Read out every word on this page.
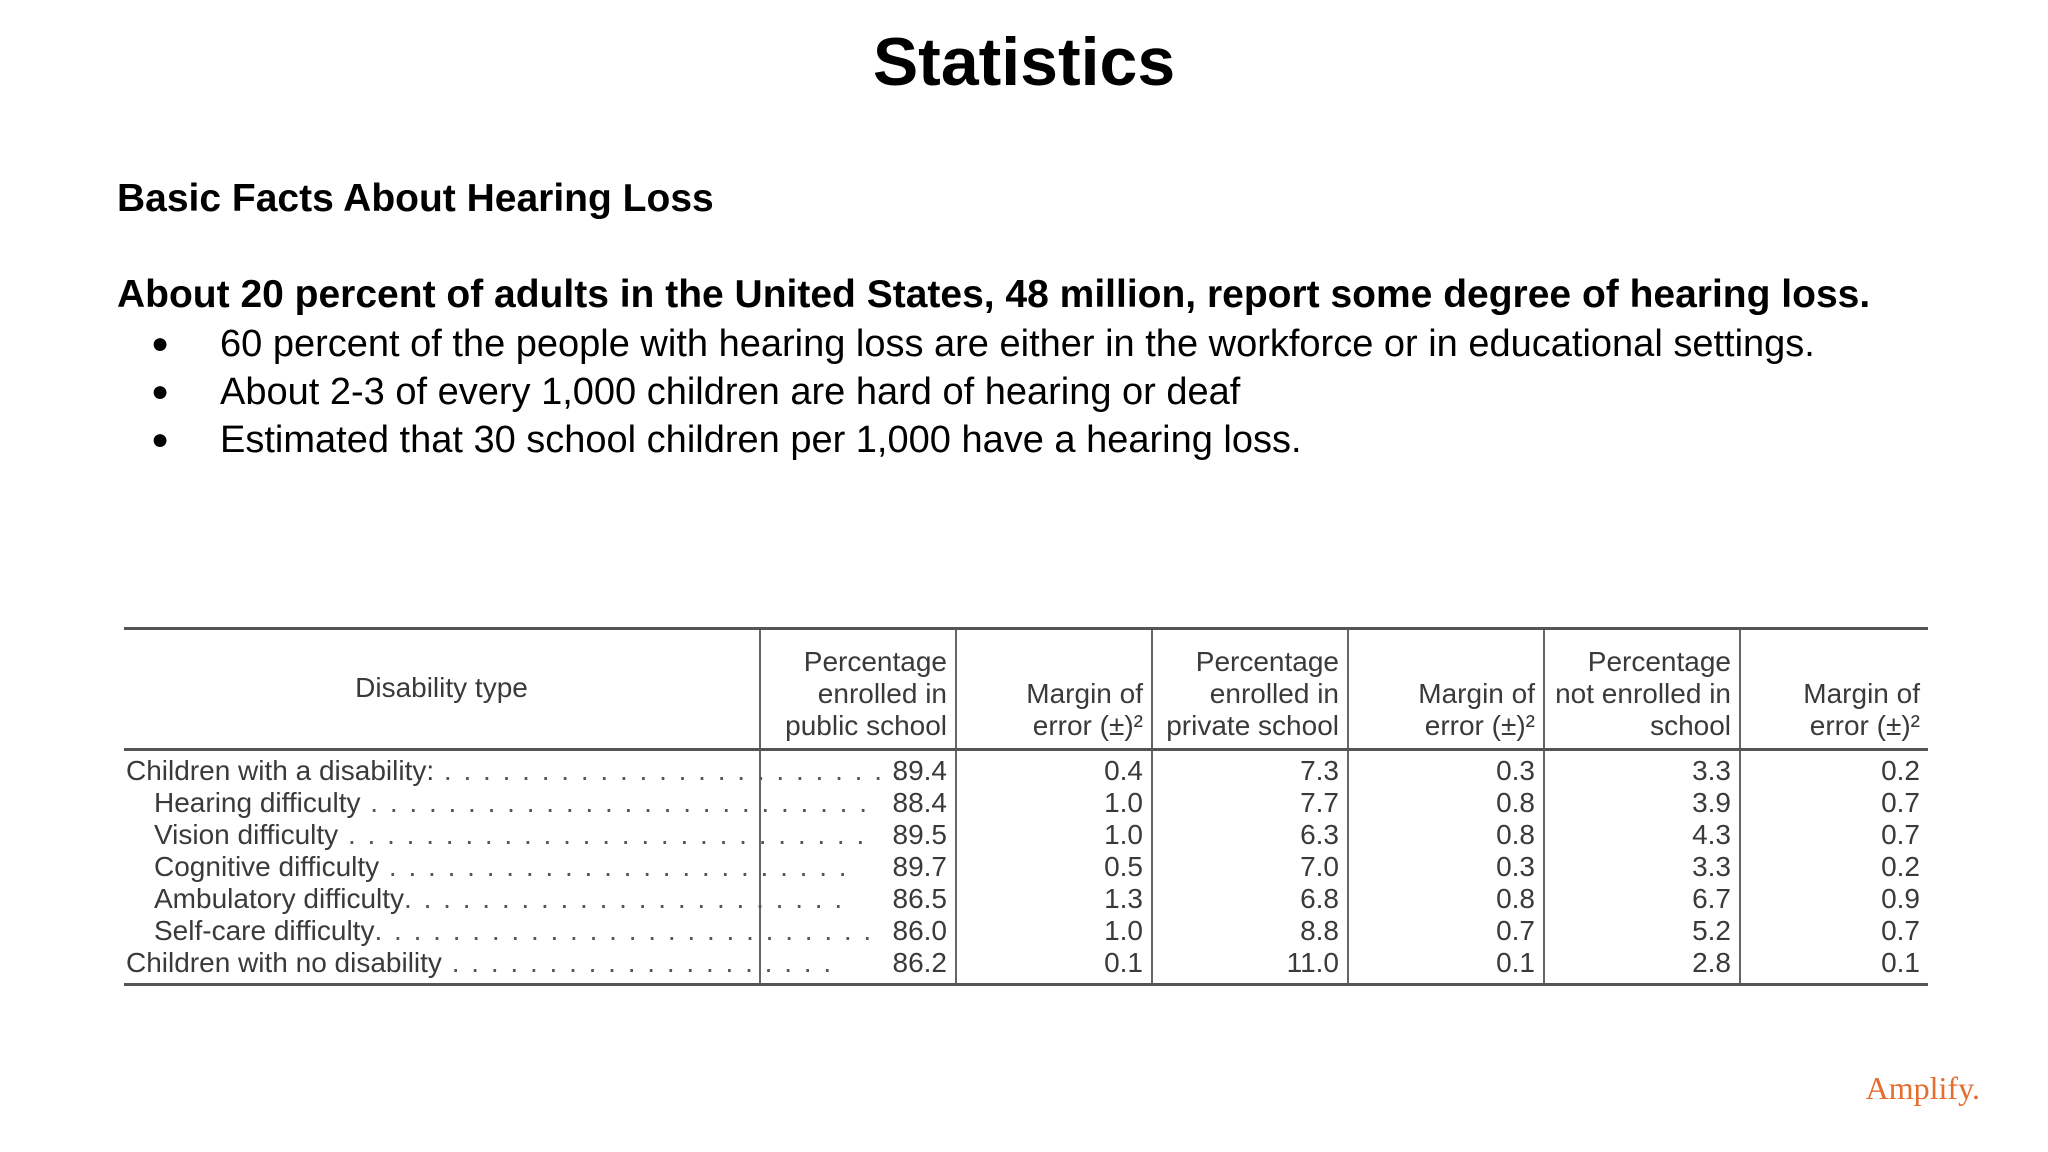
Statistics

Basic Facts About Hearing Loss

About 20 percent of adults in the United States, 48 million, report some degree of hearing loss.

● 60 percent of the people with hearing loss are either in the workforce or in educational settings.
● About 2-3 of every 1,000 children are hard of hearing or deaf
● Estimated that 30 school children per 1,000 have a hearing loss.
Disability type	Percentage enrolled in public school	Margin of error (±)²	Percentage enrolled in private school	Margin of error (±)²	Percentage not enrolled in school	Margin of error (±)²
Children with a disability: . . . . . . . . . . . . . . . . . . . . . . . .	89.4	0.4	7.3	0.3	3.3	0.2
Hearing difficulty . . . . . . . . . . . . . . . . . . . . . . . . . .	88.4	1.0	7.7	0.8	3.9	0.7
Vision difficulty . . . . . . . . . . . . . . . . . . . . . . . . . . .	89.5	1.0	6.3	0.8	4.3	0.7
Cognitive difficulty . . . . . . . . . . . . . . . . . . . . . . . .	89.7	0.5	7.0	0.3	3.3	0.2
Ambulatory difficulty. . . . . . . . . . . . . . . . . . . . . . .	86.5	1.3	6.8	0.8	6.7	0.9
Self-care difficulty. . . . . . . . . . . . . . . . . . . . . . . . . .	86.0	1.0	8.8	0.7	5.2	0.7
Children with no disability . . . . . . . . . . . . . . . . . . . .	86.2	0.1	11.0	0.1	2.8	0.1

Amplify.
